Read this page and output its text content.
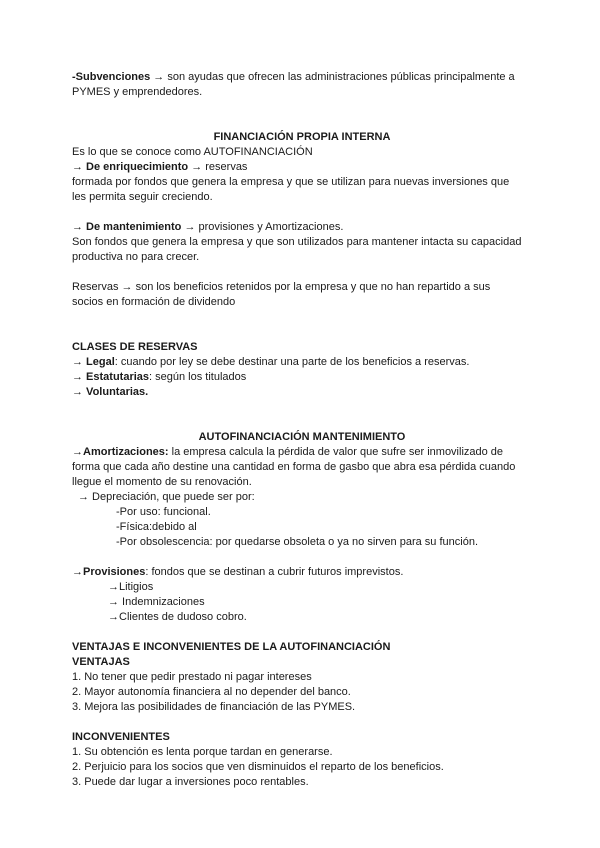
-Subvenciones → son ayudas que ofrecen las administraciones públicas principalmente a

PYMES y emprendedores.

FINANCIACIÓN PROPIA INTERNA

Es lo que se conoce como AUTOFINANCIACIÓN

→ De enriquecimiento → reservas

formada por fondos que genera la empresa y que se utilizan para nuevas inversiones que

les permita seguir creciendo.

→ De mantenimiento → provisiones y Amortizaciones.

Son fondos que genera la empresa y que son utilizados para mantener intacta su capacidad

productiva no para crecer.

Reservas → son los beneficios retenidos por la empresa y que no han repartido a sus

socios en formación de dividendo

CLASES DE RESERVAS

→ Legal: cuando por ley se debe destinar una parte de los beneficios a reservas.

→ Estatutarias: según los titulados

→ Voluntarias.

AUTOFINANCIACIÓN MANTENIMIENTO

→Amortizaciones: la empresa calcula la pérdida de valor que sufre ser inmovilizado de

forma que cada año destine una cantidad en forma de gasbo que abra esa pérdida cuando

llegue el momento de su renovación.

→ Depreciación, que puede ser por:

-Por uso: funcional.

-Física:debido al

-Por obsolescencia: por quedarse obsoleta o ya no sirven para su función.

→Provisiones: fondos que se destinan a cubrir futuros imprevistos.

→Litigios

→ Indemnizaciones

→Clientes de dudoso cobro.

VENTAJAS E INCONVENIENTES DE LA AUTOFINANCIACIÓN

VENTAJAS

1. No tener que pedir prestado ni pagar intereses

2. Mayor autonomía financiera al no depender del banco.

3. Mejora las posibilidades de financiación de las PYMES.

INCONVENIENTES

1. Su obtención es lenta porque tardan en generarse.

2. Perjuicio para los socios que ven disminuidos el reparto de los beneficios.

3. Puede dar lugar a inversiones poco rentables.
